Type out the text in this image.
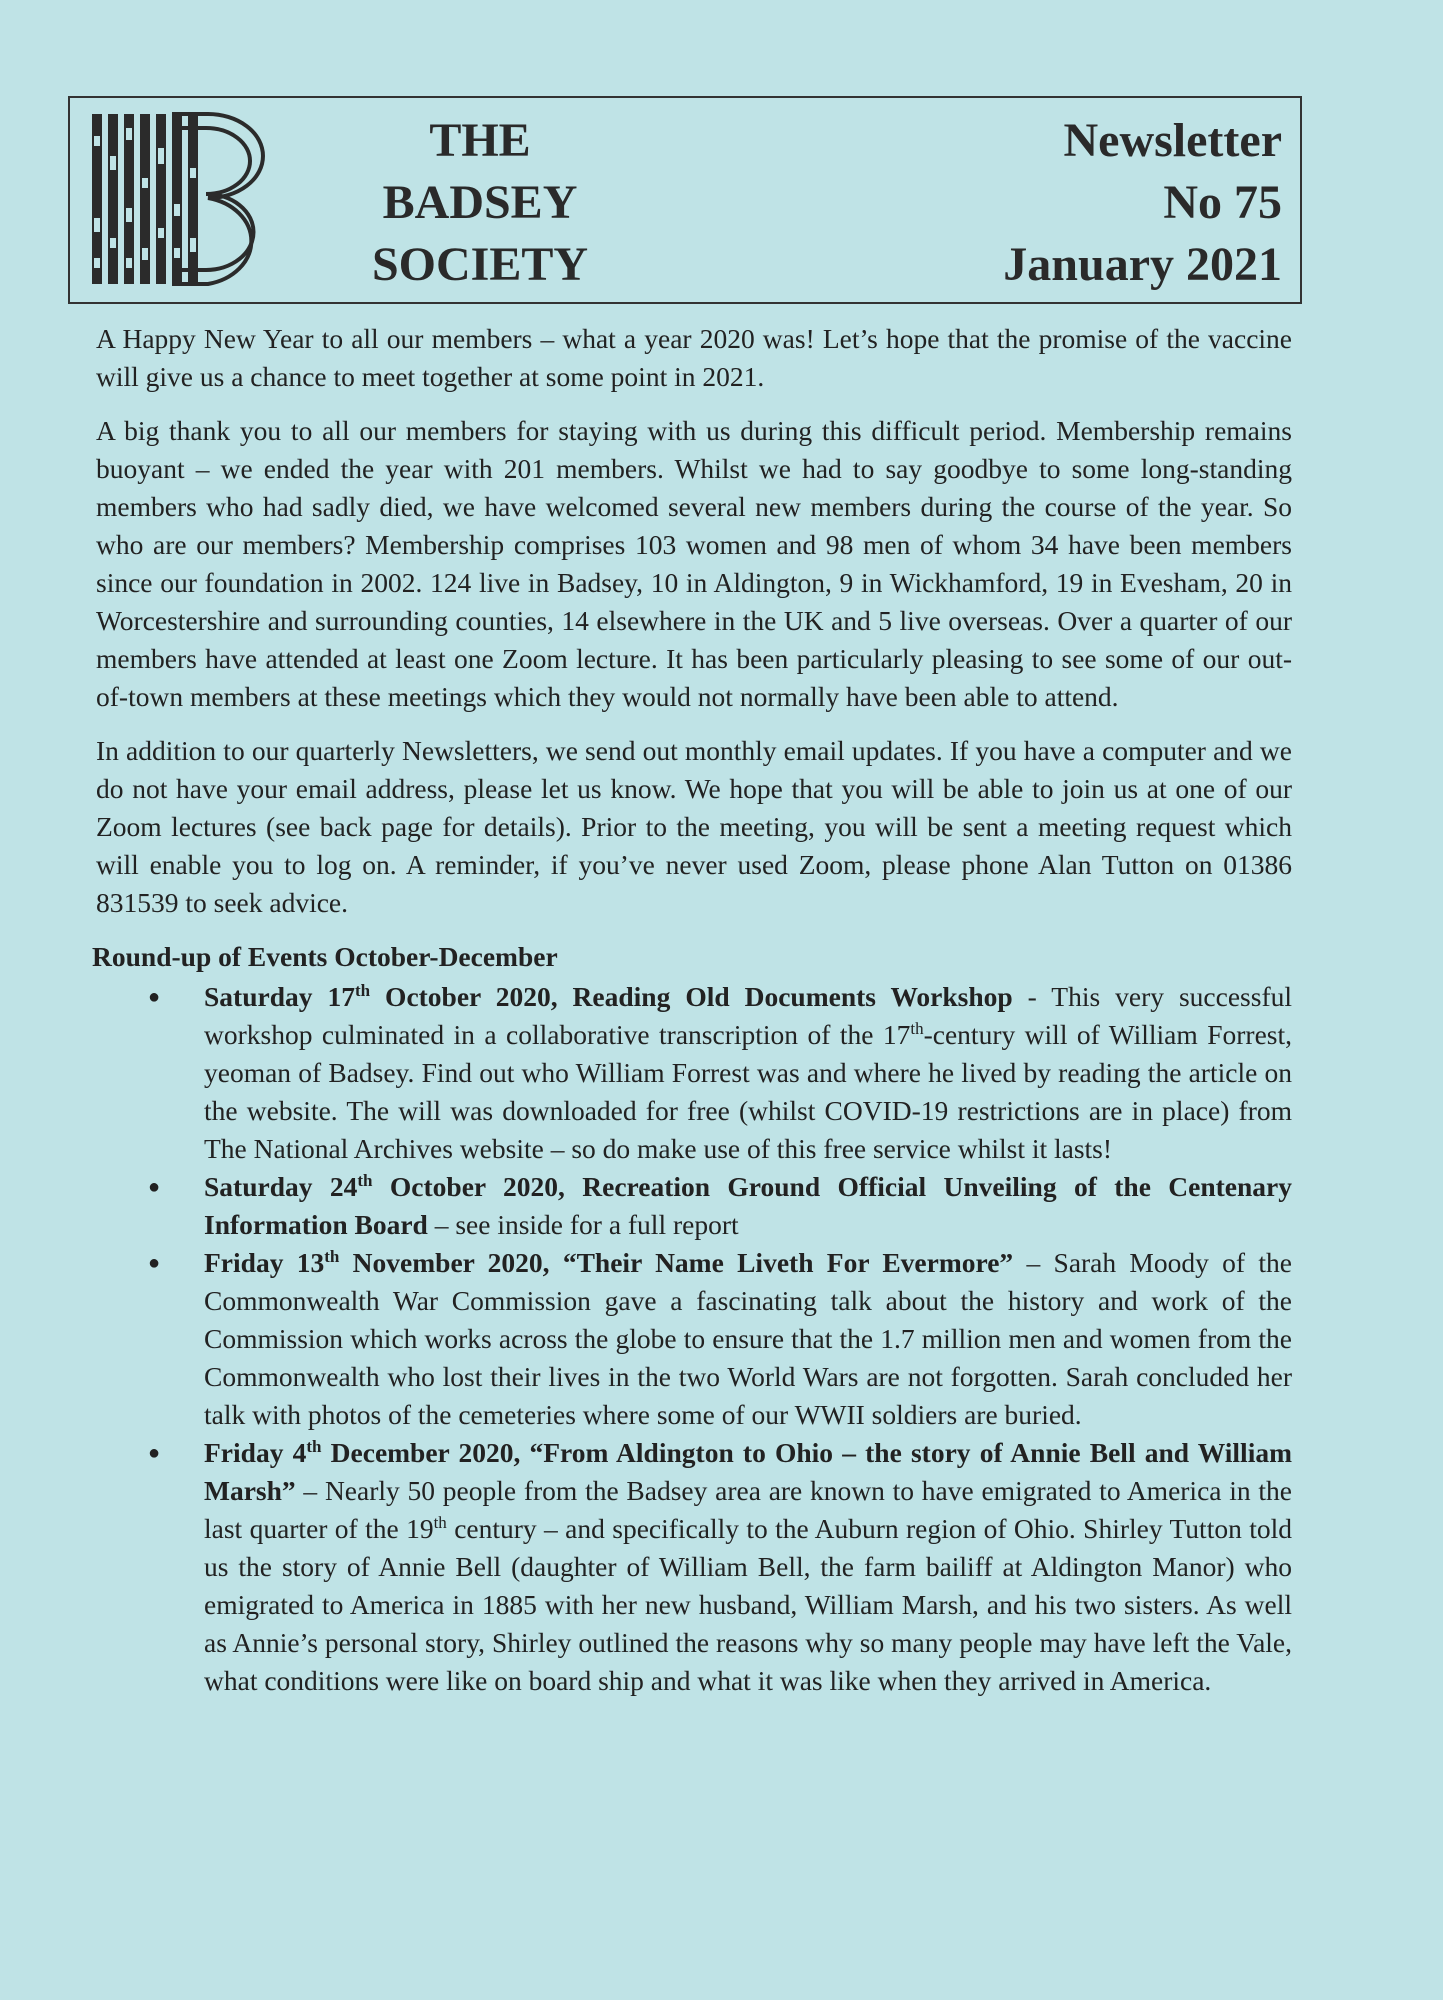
THE
BADSEY
SOCIETY
Newsletter
No 75
January 2021

A Happy New Year to all our members – what a year 2020 was! Let’s hope that the promise of the vaccine will give us a chance to meet together at some point in 2021.

A big thank you to all our members for staying with us during this difficult period. Membership remains buoyant – we ended the year with 201 members. Whilst we had to say goodbye to some long-standing members who had sadly died, we have welcomed several new members during the course of the year. So who are our members? Membership comprises 103 women and 98 men of whom 34 have been members since our foundation in 2002. 124 live in Badsey, 10 in Aldington, 9 in Wickhamford, 19 in Evesham, 20 in Worcestershire and surrounding counties, 14 elsewhere in the UK and 5 live overseas. Over a quarter of our members have attended at least one Zoom lecture. It has been particularly pleasing to see some of our out-of-town members at these meetings which they would not normally have been able to attend.

In addition to our quarterly Newsletters, we send out monthly email updates. If you have a computer and we do not have your email address, please let us know. We hope that you will be able to join us at one of our Zoom lectures (see back page for details). Prior to the meeting, you will be sent a meeting request which will enable you to log on. A reminder, if you’ve never used Zoom, please phone Alan Tutton on 01386 831539 to seek advice.

Round-up of Events October-December
● Saturday 17th October 2020, Reading Old Documents Workshop - This very successful workshop culminated in a collaborative transcription of the 17th-century will of William Forrest, yeoman of Badsey. Find out who William Forrest was and where he lived by reading the article on the website. The will was downloaded for free (whilst COVID-19 restrictions are in place) from The National Archives website – so do make use of this free service whilst it lasts!
● Saturday 24th October 2020, Recreation Ground Official Unveiling of the Centenary Information Board – see inside for a full report
● Friday 13th November 2020, “Their Name Liveth For Evermore” – Sarah Moody of the Commonwealth War Commission gave a fascinating talk about the history and work of the Commission which works across the globe to ensure that the 1.7 million men and women from the Commonwealth who lost their lives in the two World Wars are not forgotten. Sarah concluded her talk with photos of the cemeteries where some of our WWII soldiers are buried.
● Friday 4th December 2020, “From Aldington to Ohio – the story of Annie Bell and William Marsh” – Nearly 50 people from the Badsey area are known to have emigrated to America in the last quarter of the 19th century – and specifically to the Auburn region of Ohio. Shirley Tutton told us the story of Annie Bell (daughter of William Bell, the farm bailiff at Aldington Manor) who emigrated to America in 1885 with her new husband, William Marsh, and his two sisters. As well as Annie’s personal story, Shirley outlined the reasons why so many people may have left the Vale, what conditions were like on board ship and what it was like when they arrived in America.
